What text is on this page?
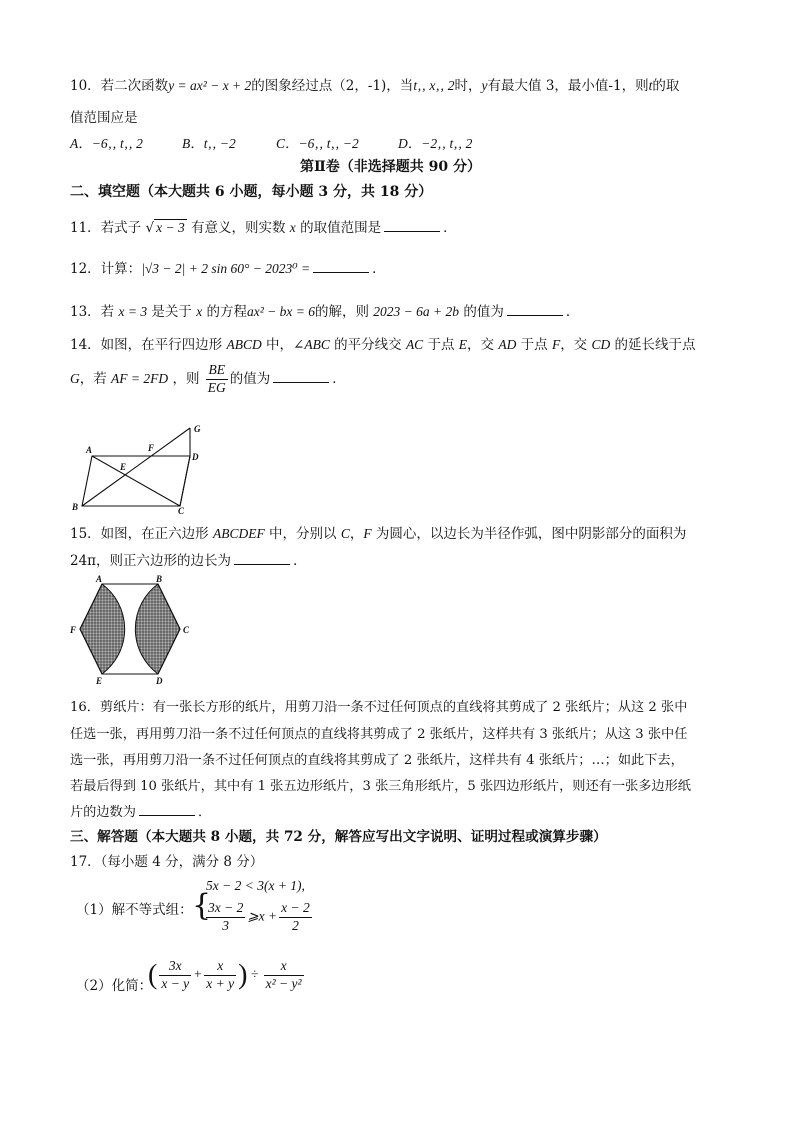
10．若二次函数y = ax² − x + 2的图象经过点（2，-1)，当t‚‚ x‚‚ 2时，y有最大值 3，最小值-1，则t的取
值范围应是
A．−6‚‚ t‚‚ 2	B．t‚‚ −2	C．−6‚‚ t‚‚ −2	D．−2‚‚ t‚‚ 2
第Ⅱ卷（非选择题共 90 分）
二、填空题（本大题共 6 小题，每小题 3 分，共 18 分）
11．若式子 √ x − 3 有意义，则实数 x 的取值范围是	．
12．计算：|√3 − 2| + 2 sin 60° − 2023⁰ =	．
13．若 x = 3 是关于 x 的方程ax² − bx = 6的解，则 2023 − 6a + 2b 的值为	．
14．如图，在平行四边形 ABCD 中，∠ABC 的平分线交 AC 于点 E，交 AD 于点 F，交 CD 的延长线于点
G，若 AF = 2FD ，则 $\frac{BE}{EG}$ 的值为	．
A	F
G
D
E
B	C
15．如图，在正六边形 ABCDEF 中，分别以 C，F 为圆心，以边长为半径作弧，图中阴影部分的面积为
24π，则正六边形的边长为	．
A	B
F	C
E	D
16．剪纸片：有一张长方形的纸片，用剪刀沿一条不过任何顶点的直线将其剪成了 2 张纸片；从这 2 张中
任选一张，再用剪刀沿一条不过任何顶点的直线将其剪成了 2 张纸片，这样共有 3 张纸片；从这 3 张中任
选一张，再用剪刀沿一条不过任何顶点的直线将其剪成了 2 张纸片，这样共有 4 张纸片；…；如此下去，
若最后得到 10 张纸片，其中有 1 张五边形纸片，3 张三角形纸片，5 张四边形纸片，则还有一张多边形纸
片的边数为	．
三、解答题（本大题共 8 小题，共 72 分，解答应写出文字说明、证明过程或演算步骤）
17．（每小题 4 分，满分 8 分）
（1）解不等式组： {
5x − 2 < 3(x + 1),
$\frac{3x - 2}{3}$ ⩾x + $\frac{x - 2}{2}$
（2）化简：
( $\frac{3x}{x - y} + \frac{x}{x + y}$ ) ÷ $\frac{x}{\text{x² − y²}}$
